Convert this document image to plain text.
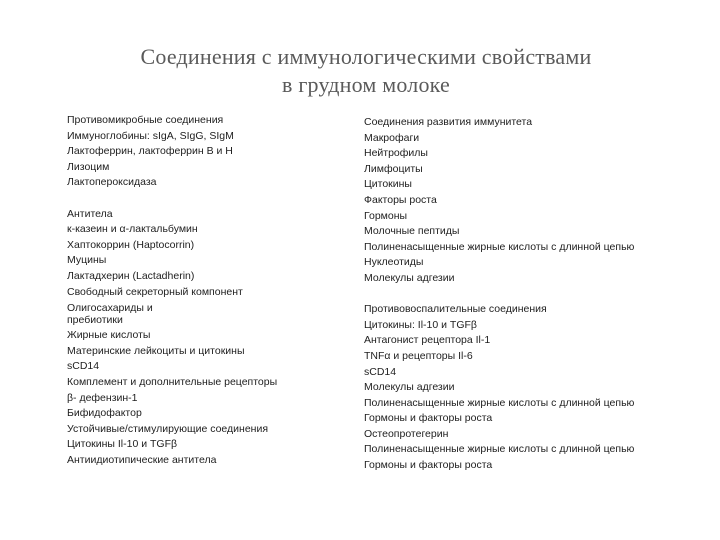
Соединения с иммунологическими свойствами
в грудном молоке
Противомикробные соединения
Иммуноглобины: sIgA, SIgG, SIgM
Лактоферрин, лактоферрин В и Н
Лизоцим
Лактопероксидаза
Антитела
к-казеин и α-лактальбумин
Хаптокоррин (Haptocorrin)
Муцины
Лактадхерин (Lactadherin)
Свободный секреторный компонент
Олигосахариды и пребиотики
Жирные кислоты
Материнские лейкоциты и цитокины
sCD14
Комплемент и дополнительные рецепторы
β- дефензин-1
Бифидофактор
Устойчивые/стимулирующие соединения
Цитокины Il-10 и TGFβ
Антиидиотипические антитела
Соединения развития иммунитета
Макрофаги
Нейтрофилы
Лимфоциты
Цитокины
Факторы роста
Гормоны
Молочные пептиды
Полиненасыщенные жирные кислоты с длинной цепью
Нуклеотиды
Молекулы адгезии
Противовоспалительные соединения
Цитокины: Il-10 и TGFβ
Антагонист рецептора Il-1
TNFα и рецепторы Il-6
sCD14
Молекулы адгезии
Полиненасыщенные жирные кислоты с длинной цепью
Гормоны и факторы роста
Остеопротегерин
Полиненасыщенные жирные кислоты с длинной цепью
Гормоны и факторы роста
